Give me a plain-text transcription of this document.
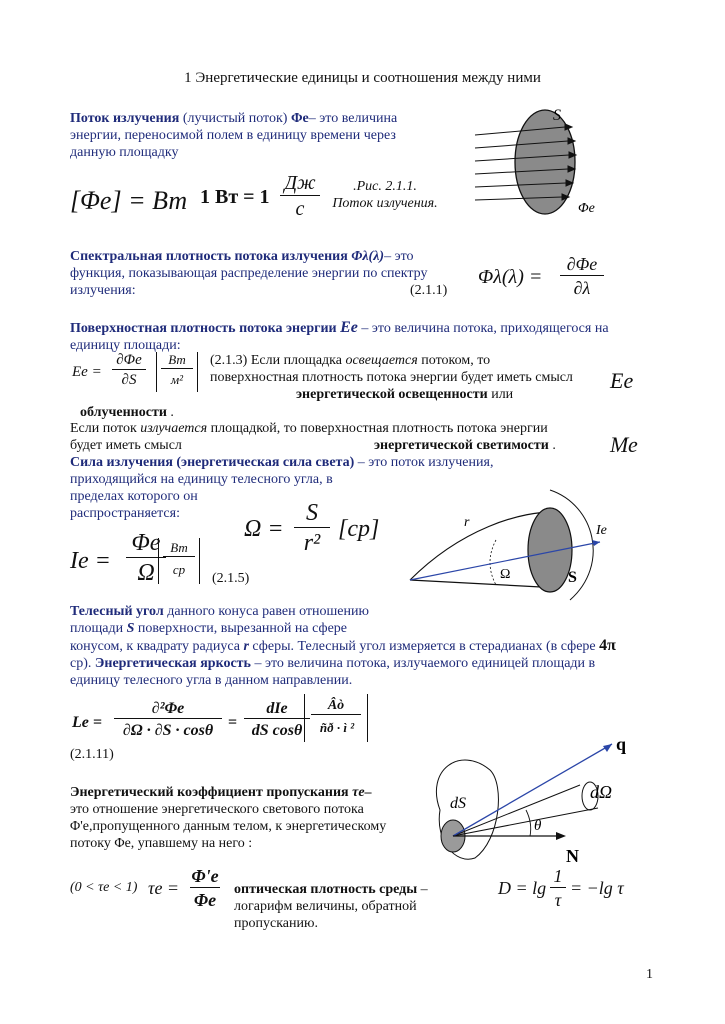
1 Энергетические единицы и соотношения между ними
Поток излучения (лучистый поток) Φе– это величина
энергии, переносимой полем в единицу времени через
данную площадку
[Φе] = Вт 1 Вт = 1
Дж
с
.Рис. 2.1.1.
Поток излучения.
S
Φе
Спектральная плотность потока излучения Φλ(λ)– это
функция, показывающая распределение энергии по спектру
излучения:	(2.1.1)
Φλ(λ) =
∂Φе
∂λ
Поверхностная плотность потока энергии Ее – это величина потока, приходящегося на
единицу площади:
Ее =
∂Φе
∂S
Вт
м²
(2.1.3) Если площадка освещается потоком, то
поверхностная плотность потока энергии будет иметь смысл
энергетической освещенности или
Ее
облученности .
Если поток излучается площадкой, то поверхностная плотность потока энергии
будет иметь смысл	энергетической светимости . Ме
Сила излучения (энергетическая сила света) – это поток излучения,
приходящийся на единицу телесного угла, в
пределах которого он
распространяется:
Ω =
S
r²
[ср]
Iе =
Φе
Ω
Вт
ср
(2.1.5)
r
Iе
Ω	S
Телесный угол данного конуса равен отношению
площади S поверхности, вырезанной на сфере
конусом, к квадрату радиуса r сферы. Телесный угол измеряется в стерадианах (в сфере 4π
ср). Энергетическая яркость – это величина потока, излучаемого единицей площади в
единицу телесного угла в данном направлении.
Lе =
∂²Φе
∂Ω · ∂S · cosθ =
dIе
dS cosθ $\frac{Âò}{\text{ñð · ì ²}}$
(2.1.11)
q
dΩ
dS
θ
N
Энергетический коэффициент пропускания τе–
это отношение энергетического светового потока
Φ'е,пропущенного данным телом, к энергетическому
потоку Φе, упавшему на него :
(0 < τе < 1) τе =
Φ'е
Φе
оптическая плотность среды –
логарифм величины, обратной
пропусканию.
D = lg
1
τ
= −lg τ
1
